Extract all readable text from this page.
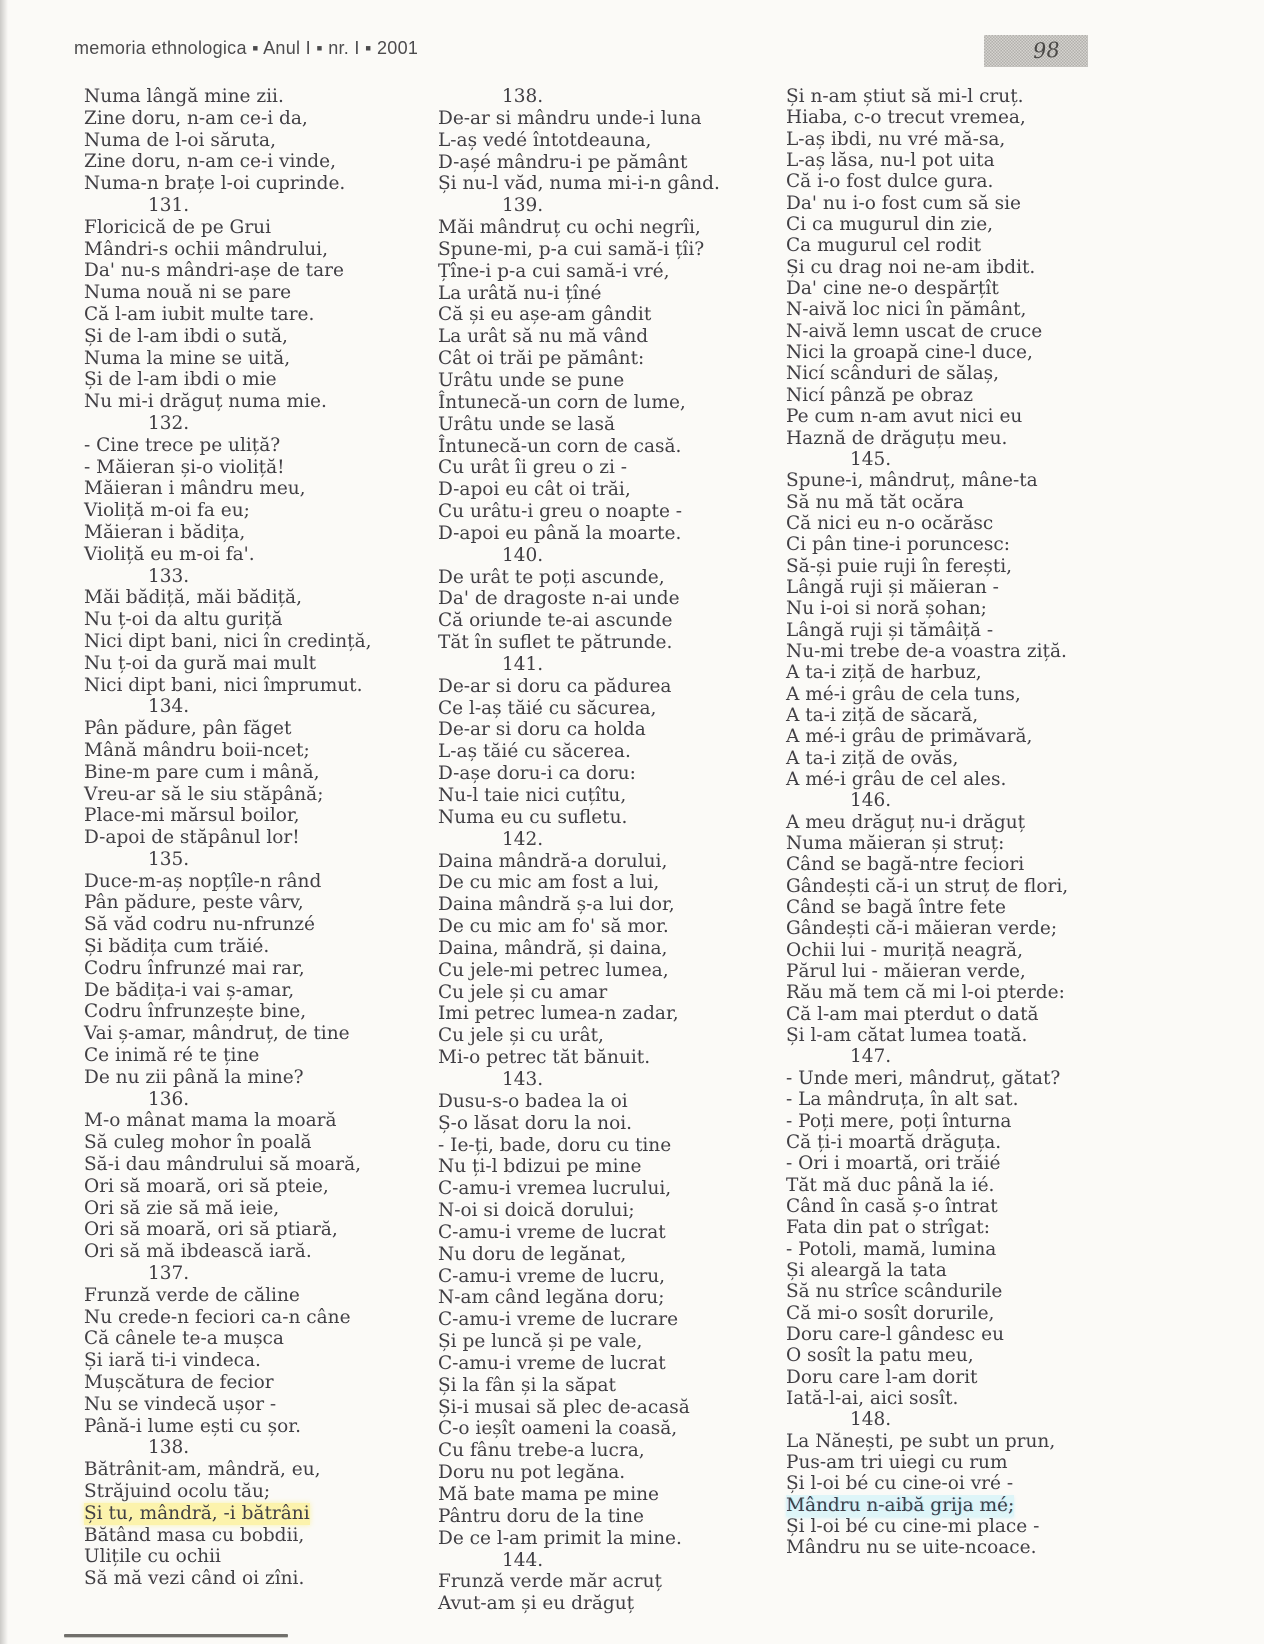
memoria ethnologica ▪ Anul I ▪ nr. I ▪ 2001	98
Numa lângă mine zii.
Zine doru, n-am ce-i da,
Numa de l-oi săruta,
Zine doru, n-am ce-i vinde,
Numa-n brațe l-oi cuprinde.
131.
Floricică de pe Grui
Mândri-s ochii mândrului,
Da' nu-s mândri-așe de tare
Numa nouă ni se pare
Că l-am iubit multe tare.
Și de l-am ibdi o sută,
Numa la mine se uită,
Și de l-am ibdi o mie
Nu mi-i drăguț numa mie.
132.
- Cine trece pe uliță?
- Măieran și-o violiță!
Măieran i mândru meu,
Violiță m-oi fa eu;
Măieran i bădița,
Violiță eu m-oi fa'.
133.
Măi bădiță, măi bădiță,
Nu ț-oi da altu guriță
Nici dipt bani, nici în credință,
Nu ț-oi da gură mai mult
Nici dipt bani, nici împrumut.
134.
Pân pădure, pân făget
Mână mândru boii-ncet;
Bine-m pare cum i mână,
Vreu-ar să le siu stăpână;
Place-mi mărsul boilor,
D-apoi de stăpânul lor!
135.
Duce-m-aș nopțîle-n rând
Pân pădure, peste vârv,
Să văd codru nu-nfrunzé
Și bădița cum trăié.
Codru înfrunzé mai rar,
De bădița-i vai ș-amar,
Codru înfrunzește bine,
Vai ș-amar, mândruț, de tine
Ce inimă ré te ține
De nu zii până la mine?
136.
M-o mânat mama la moară
Să culeg mohor în poală
Să-i dau mândrului să moară,
Ori să moară, ori să pteie,
Ori să zie să mă ieie,
Ori să moară, ori să ptiară,
Ori să mă ibdească iară.
137.
Frunză verde de căline
Nu crede-n feciori ca-n câne
Că cânele te-a mușca
Și iară ti-i vindeca.
Mușcătura de fecior
Nu se vindecă ușor -
Până-i lume ești cu șor.
138.
Bătrânit-am, mândră, eu,
Străjuind ocolu tău;
Și tu, mândră, -i bătrâni
Bătând masa cu bobdii,
Ulițile cu ochii
Să mă vezi când oi zîni.
138.
De-ar si mândru unde-i luna
L-aș vedé întotdeauna,
D-așé mândru-i pe pământ
Și nu-l văd, numa mi-i-n gând.
139.
Măi mândruț cu ochi negrîi,
Spune-mi, p-a cui samă-i țîi?
Țîne-i p-a cui samă-i vré,
La urâtă nu-i țîné
Că și eu așe-am gândit
La urât să nu mă vând
Cât oi trăi pe pământ:
Urâtu unde se pune
Întunecă-un corn de lume,
Urâtu unde se lasă
Întunecă-un corn de casă.
Cu urât îi greu o zi -
D-apoi eu cât oi trăi,
Cu urâtu-i greu o noapte -
D-apoi eu până la moarte.
140.
De urât te poți ascunde,
Da' de dragoste n-ai unde
Că oriunde te-ai ascunde
Tăt în suflet te pătrunde.
141.
De-ar si doru ca pădurea
Ce l-aș tăié cu săcurea,
De-ar si doru ca holda
L-aș tăié cu săcerea.
D-așe doru-i ca doru:
Nu-l taie nici cuțîtu,
Numa eu cu sufletu.
142.
Daina mândră-a dorului,
De cu mic am fost a lui,
Daina mândră ș-a lui dor,
De cu mic am fo' să mor.
Daina, mândră, și daina,
Cu jele-mi petrec lumea,
Cu jele și cu amar
Imi petrec lumea-n zadar,
Cu jele și cu urât,
Mi-o petrec tăt bănuit.
143.
Dusu-s-o badea la oi
Ș-o lăsat doru la noi.
- Ie-ți, bade, doru cu tine
Nu ți-l bdizui pe mine
C-amu-i vremea lucrului,
N-oi si doică dorului;
C-amu-i vreme de lucrat
Nu doru de legănat,
C-amu-i vreme de lucru,
N-am când legăna doru;
C-amu-i vreme de lucrare
Și pe luncă și pe vale,
C-amu-i vreme de lucrat
Și la fân și la săpat
Și-i musai să plec de-acasă
C-o ieșît oameni la coasă,
Cu fânu trebe-a lucra,
Doru nu pot legăna.
Mă bate mama pe mine
Pântru doru de la tine
De ce l-am primit la mine.
144.
Frunză verde măr acruț
Avut-am și eu drăguț
Și n-am știut să mi-l cruț.
Hiaba, c-o trecut vremea,
L-aș ibdi, nu vré mă-sa,
L-aș lăsa, nu-l pot uita
Că i-o fost dulce gura.
Da' nu i-o fost cum să sie
Ci ca mugurul din zie,
Ca mugurul cel rodit
Și cu drag noi ne-am ibdit.
Da' cine ne-o despărțît
N-aivă loc nici în pământ,
N-aivă lemn uscat de cruce
Nici la groapă cine-l duce,
Nicí scânduri de sălaș,
Nicí pânză pe obraz
Pe cum n-am avut nici eu
Haznă de drăguțu meu.
145.
Spune-i, mândruț, mâne-ta
Să nu mă tăt ocăra
Că nici eu n-o ocărăsc
Ci pân tine-i poruncesc:
Să-și puie ruji în ferești,
Lângă ruji și măieran -
Nu i-oi si noră șohan;
Lângă ruji și tămâiță -
Nu-mi trebe de-a voastra ziță.
A ta-i ziță de harbuz,
A mé-i grâu de cela tuns,
A ta-i ziță de săcară,
A mé-i grâu de primăvară,
A ta-i ziță de ovăs,
A mé-i grâu de cel ales.
146.
A meu drăguț nu-i drăguț
Numa măieran și struț:
Când se bagă-ntre feciori
Gândești că-i un struț de flori,
Când se bagă între fete
Gândești că-i măieran verde;
Ochii lui - muriță neagră,
Părul lui - măieran verde,
Rău mă tem că mi l-oi pterde:
Că l-am mai pterdut o dată
Și l-am cătat lumea toată.
147.
- Unde meri, mândruț, gătat?
- La mândruța, în alt sat.
- Poți mere, poți înturna
Că ți-i moartă drăguța.
- Ori i moartă, ori trăié
Tăt mă duc până la ié.
Când în casă ș-o întrat
Fata din pat o strîgat:
- Potoli, mamă, lumina
Și aleargă la tata
Să nu strîce scândurile
Că mi-o sosît dorurile,
Doru care-l gândesc eu
O sosît la patu meu,
Doru care l-am dorit
Iată-l-ai, aici sosît.
148.
La Nănești, pe subt un prun,
Pus-am tri uiegi cu rum
Și l-oi bé cu cine-oi vré -
Mândru n-aibă grija mé;
Și l-oi bé cu cine-mi place -
Mândru nu se uite-ncoace.
